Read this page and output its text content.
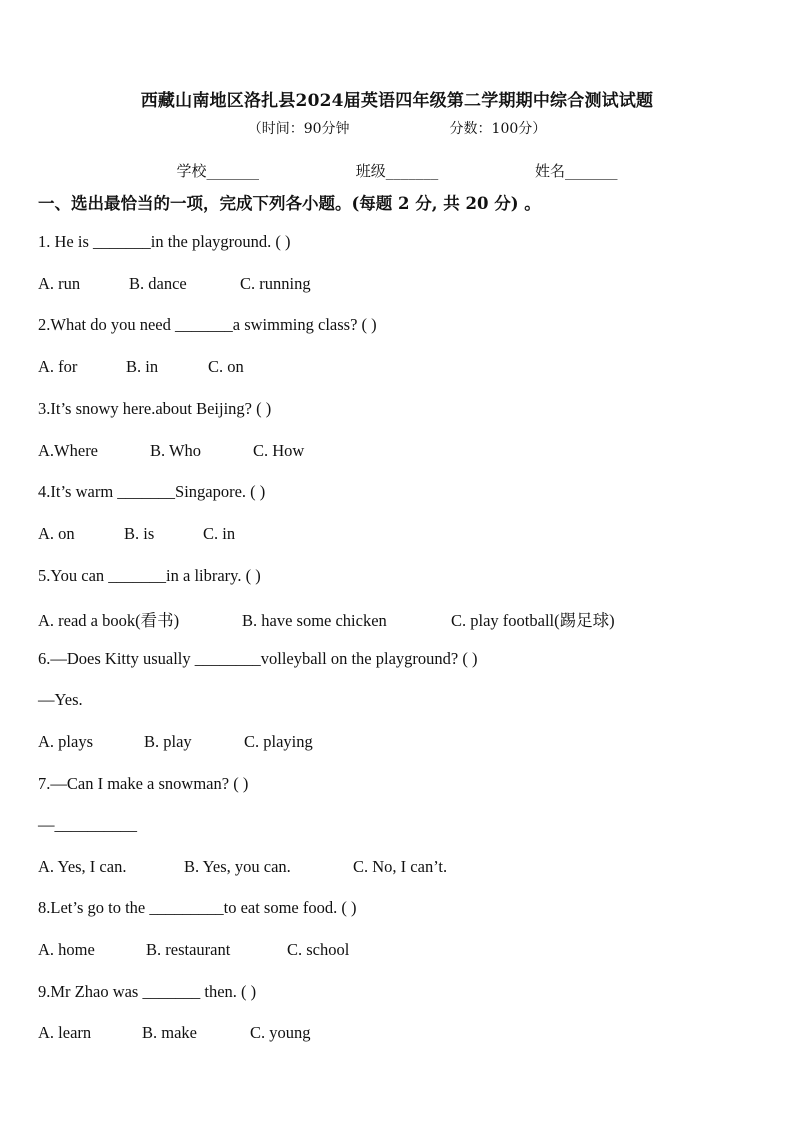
西藏山南地区洛扎县2024届英语四年级第二学期期中综合测试试题
（时间：90分钟	分数：100分）
学校_______	班级_______	姓名_______
一、选出最恰当的一项，完成下列各小题。(每题 2 分, 共 20 分) 。
1. He is _______in the playground. ( )
A. run	B. dance	C. running
2.What do you need _______a swimming class? ( )
A. for	B. in	C. on
3.It’s snowy here.about Beijing? ( )
A.Where	B. Who	C. How
4.It’s warm _______Singapore. ( )
A. on	B. is	C. in
5.You can _______in a library. ( )
A. read a book(看书)	B. have some chicken	C. play football(踢足球)
6.—Does Kitty usually ________volleyball on the playground? ( )
—Yes.
A. plays	B. play	C. playing
7.—Can I make a snowman? ( )
—__________
A. Yes, I can.	B. Yes, you can.	C. No, I can’t.
8.Let’s go to the _________to eat some food. ( )
A. home	B. restaurant	C. school
9.Mr Zhao was _______ then. ( )
A. learn	B. make	C. young
